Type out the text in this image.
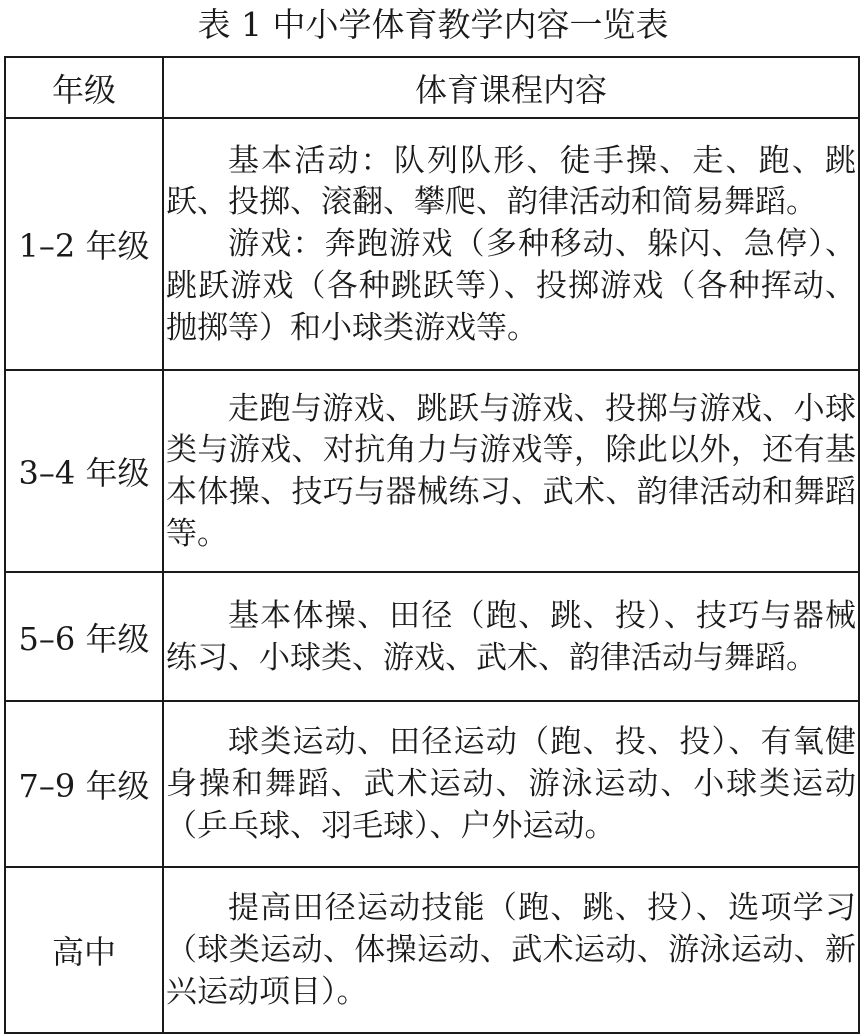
表 1 中小学体育教学内容一览表
年级	体育课程内容
1–2 年级	基本活动：队列队形、徒手操、走、跑、跳跃、投掷、滚翻、攀爬、韵律活动和简易舞蹈。

游戏：奔跑游戏（多种移动、躲闪、急停）、跳跃游戏（各种跳跃等）、投掷游戏（各种挥动、抛掷等）和小球类游戏等。

3–4 年级	走跑与游戏、跳跃与游戏、投掷与游戏、小球类与游戏、对抗角力与游戏等，除此以外，还有基本体操、技巧与器械练习、武术、韵律活动和舞蹈等。

5–6 年级	基本体操、田径（跑、跳、投）、技巧与器械练习、小球类、游戏、武术、韵律活动与舞蹈。

7–9 年级	球类运动、田径运动（跑、投、投）、有氧健身操和舞蹈、武术运动、游泳运动、小球类运动（乒乓球、羽毛球）、户外运动。

高中	提高田径运动技能（跑、跳、投）、选项学习（球类运动、体操运动、武术运动、游泳运动、新兴运动项目）。
